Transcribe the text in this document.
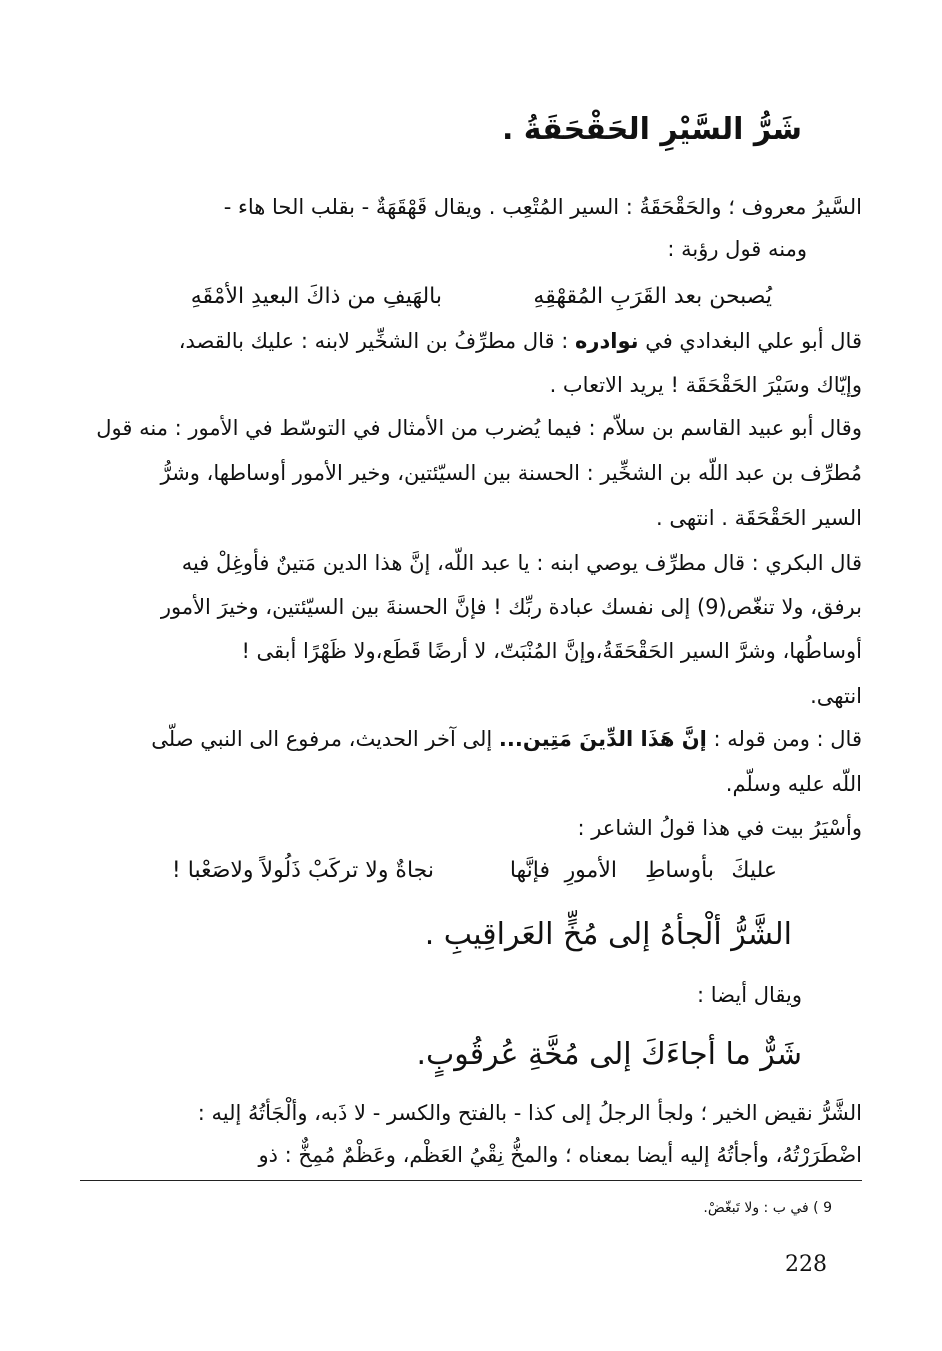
شَرُّ السَّيْرِ الحَقْحَقَةُ .

السَّيرُ معروف ؛ والحَقْحَقَةُ : السير المُتْعِب . ويقال قَهْقَهَةٌ - بقلب الحا هاء -

ومنه قول رؤبة :

يُصبحن بعد القَرَبِ المُقهْقِهِ
بالهَيفِ من ذاكَ البعيدِ الأمْقَهِ

قال أبو علي البغدادي في نوادره : قال مطرِّفُ بن الشخِّير لابنه : عليك بالقصد،

وإيّاك وسَيْرَ الحَقْحَقَة ! يريد الاتعاب .

وقال أبو عبيد القاسم بن سلاّم : فيما يُضرب من الأمثال في التوسّط في الأمور : منه قول

مُطرِّف بن عبد اللّه بن الشخِّير : الحسنة بين السيّئتين، وخير الأمور أوساطها، وشرُّ

السير الحَقْحَقَة . انتهى .

قال البكري : قال مطرِّف يوصي ابنه : يا عبد اللّه، إنَّ هذا الدين مَتينٌ فأوغِلْ فيه

برفق، ولا تنغّص(9) إلى نفسك عبادة ربِّك ! فإنَّ الحسنةَ بين السيّئتين، وخيرَ الأمور

أوساطُها، وشرَّ السير الحَقْحَقَةُ،وإنَّ المُنْبَتّ، لا أرضًا قَطَع،ولا ظَهْرًا أبقى !

انتهى.

قال : ومن قوله : إنَّ هَذَا الدِّينَ مَتِين... إلى آخر الحديث، مرفوع الى النبي صلّى

اللّه عليه وسلّم.

وأسْيَرُ بيت في هذا قولُ الشاعر :

عليكَ
بأوساطِ
الأمورِ
فإنَّها
نجاةٌ ولا تركَبْ ذَلُولاً ولاصَعْبا !
الشَّرُّ ألْجأهُ إلى مُخٍّ العَراقِيبِ .

ويقال أيضا :

شَرٌّ ما أجاءَكَ إلى مُخَّةِ عُرقُوبٍ.

الشَّرُّ نقيض الخير ؛ ولجأ الرجلُ إلى كذا - بالفتح والكسر - لا ذَبه، وألْجَأتُهُ إليه :

اضْطَرَرْتُهُ، وأجأتُهُ إليه أيضا بمعناه ؛ والمخُّ نِقْيُ العَظْم، وعَظْمٌ مُمِخٌّ : ذو

9 ) في ب : ولا تَبغّضْ.

228
